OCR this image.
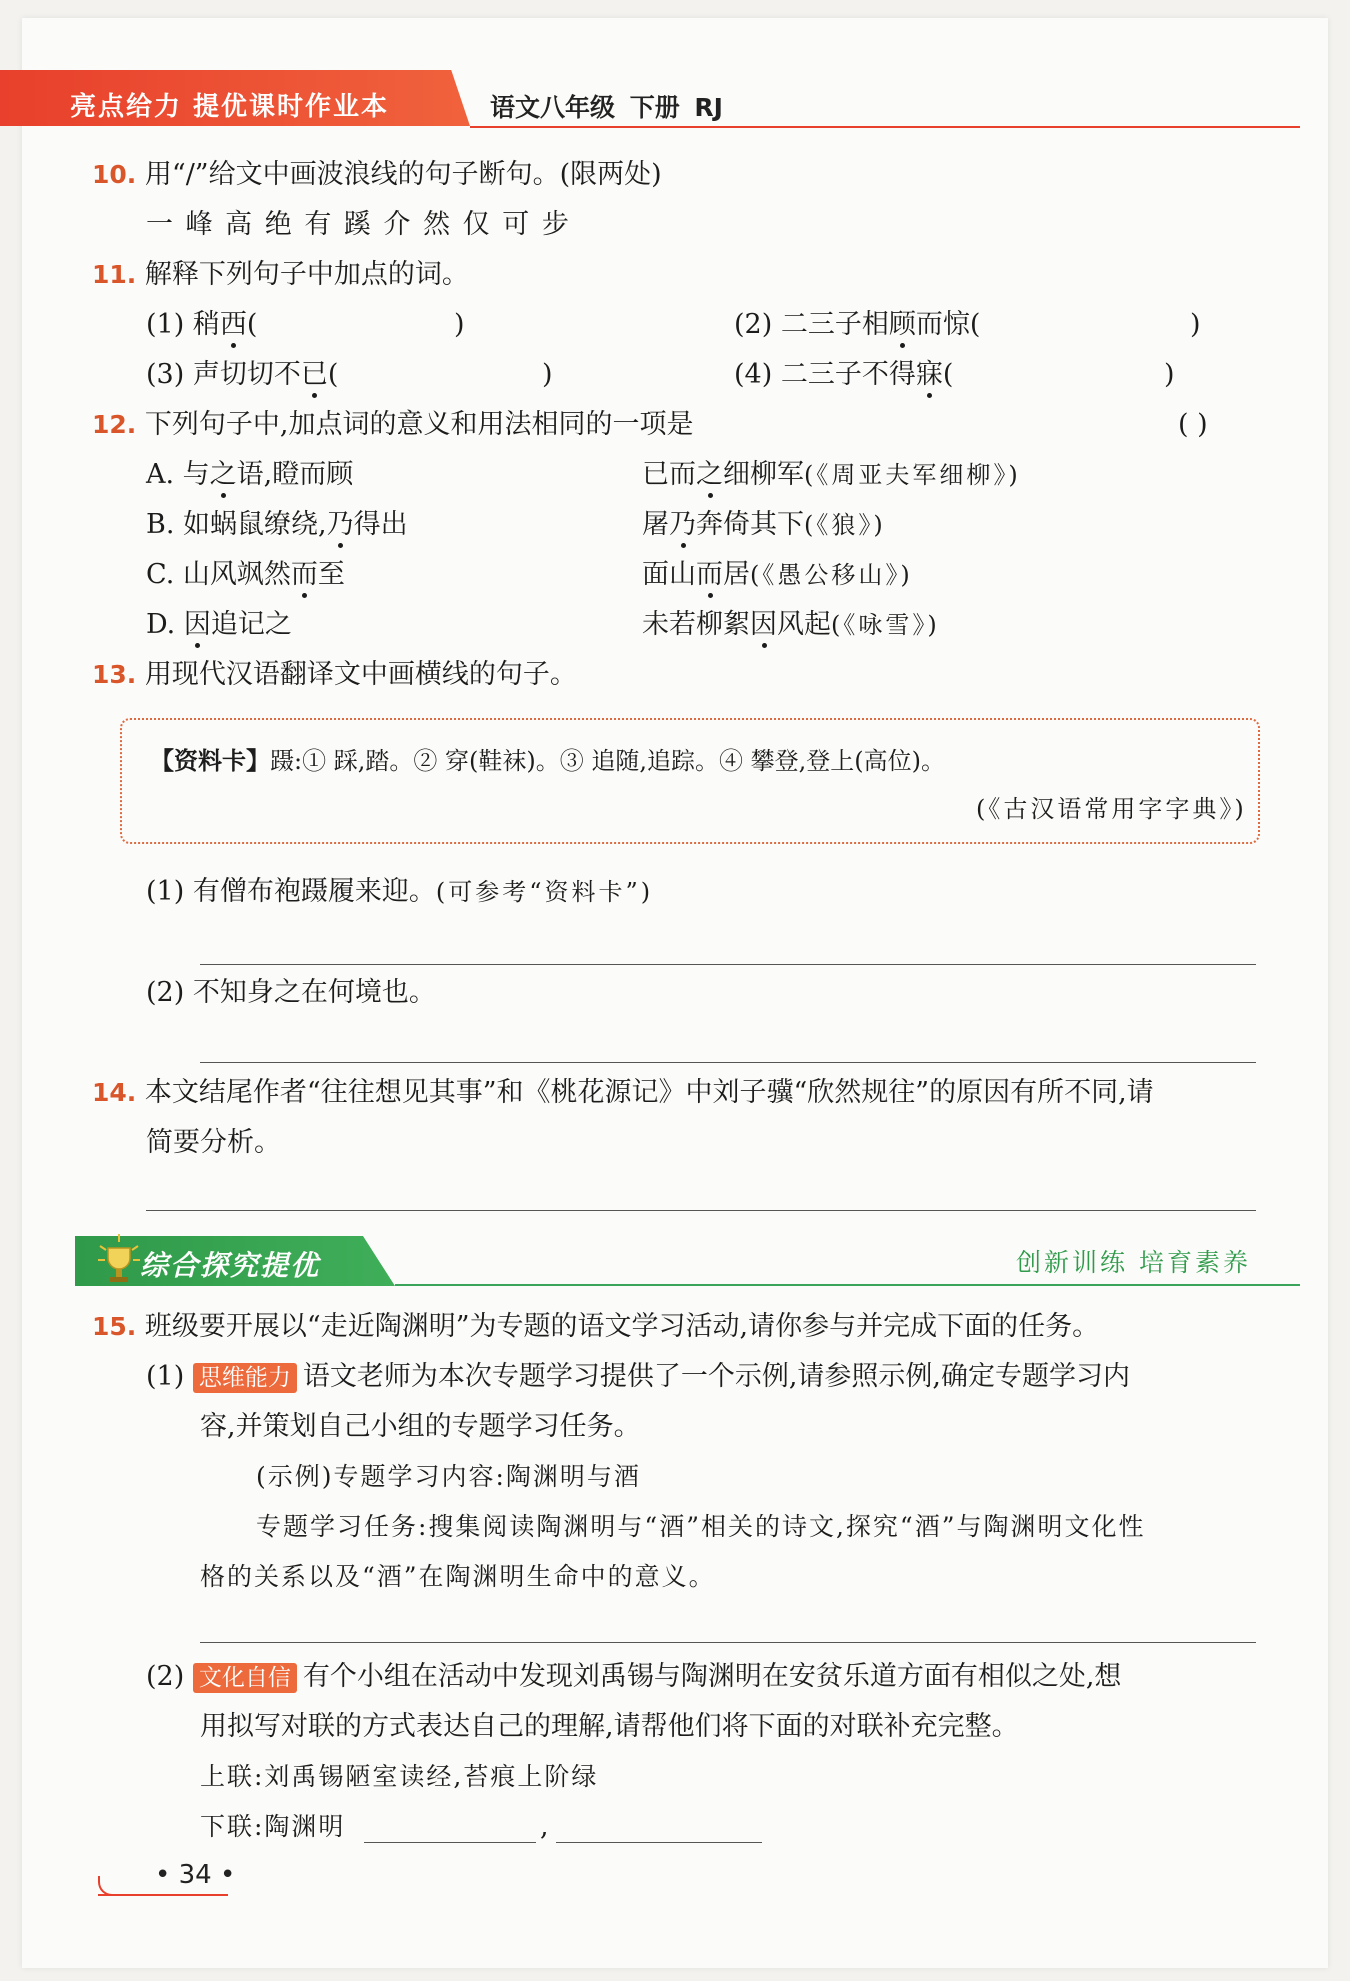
亮点给力 提优课时作业本	语文八年级 下册 RJ
10. 用“/”给文中画波浪线的句子断句。(限两处)
一 峰 高 绝 有 蹊 介 然 仅 可 步
11. 解释下列句子中加点的词。
(1) 稍西(	)	(2) 二三子相顾而惊(	)
(3) 声切切不已(	)	(4) 二三子不得寐(	)
12. 下列句子中,加点词的意义和用法相同的一项是	( )
A. 与之语,瞪而顾	已而之细柳军(《周亚夫军细柳》)
B. 如蜗鼠缭绕,乃得出	屠乃奔倚其下(《狼》)
C. 山风飒然而至	面山而居(《愚公移山》)
D. 因追记之	未若柳絮因风起(《咏雪》)
13. 用现代汉语翻译文中画横线的句子。
【资料卡】蹑:① 踩,踏。② 穿(鞋袜)。③ 追随,追踪。④ 攀登,登上(高位)。
(《古汉语常用字字典》)
(1) 有僧布袍蹑履来迎。(可参考“资料卡”)
(2) 不知身之在何境也。
14. 本文结尾作者“往往想见其事”和《桃花源记》中刘子骥“欣然规往”的原因有所不同,请
简要分析。
综合探究提优	创新训练 培育素养
15. 班级要开展以“走近陶渊明”为专题的语文学习活动,请你参与并完成下面的任务。
(1) 思维能力 语文老师为本次专题学习提供了一个示例,请参照示例,确定专题学习内
容,并策划自己小组的专题学习任务。
(示例)专题学习内容:陶渊明与酒
专题学习任务:搜集阅读陶渊明与“酒”相关的诗文,探究“酒”与陶渊明文化性
格的关系以及“酒”在陶渊明生命中的意义。
(2) 文化自信 有个小组在活动中发现刘禹锡与陶渊明在安贫乐道方面有相似之处,想
用拟写对联的方式表达自己的理解,请帮他们将下面的对联补充完整。
上联:刘禹锡陋室读经,苔痕上阶绿
下联:陶渊明	,
• 34 •
